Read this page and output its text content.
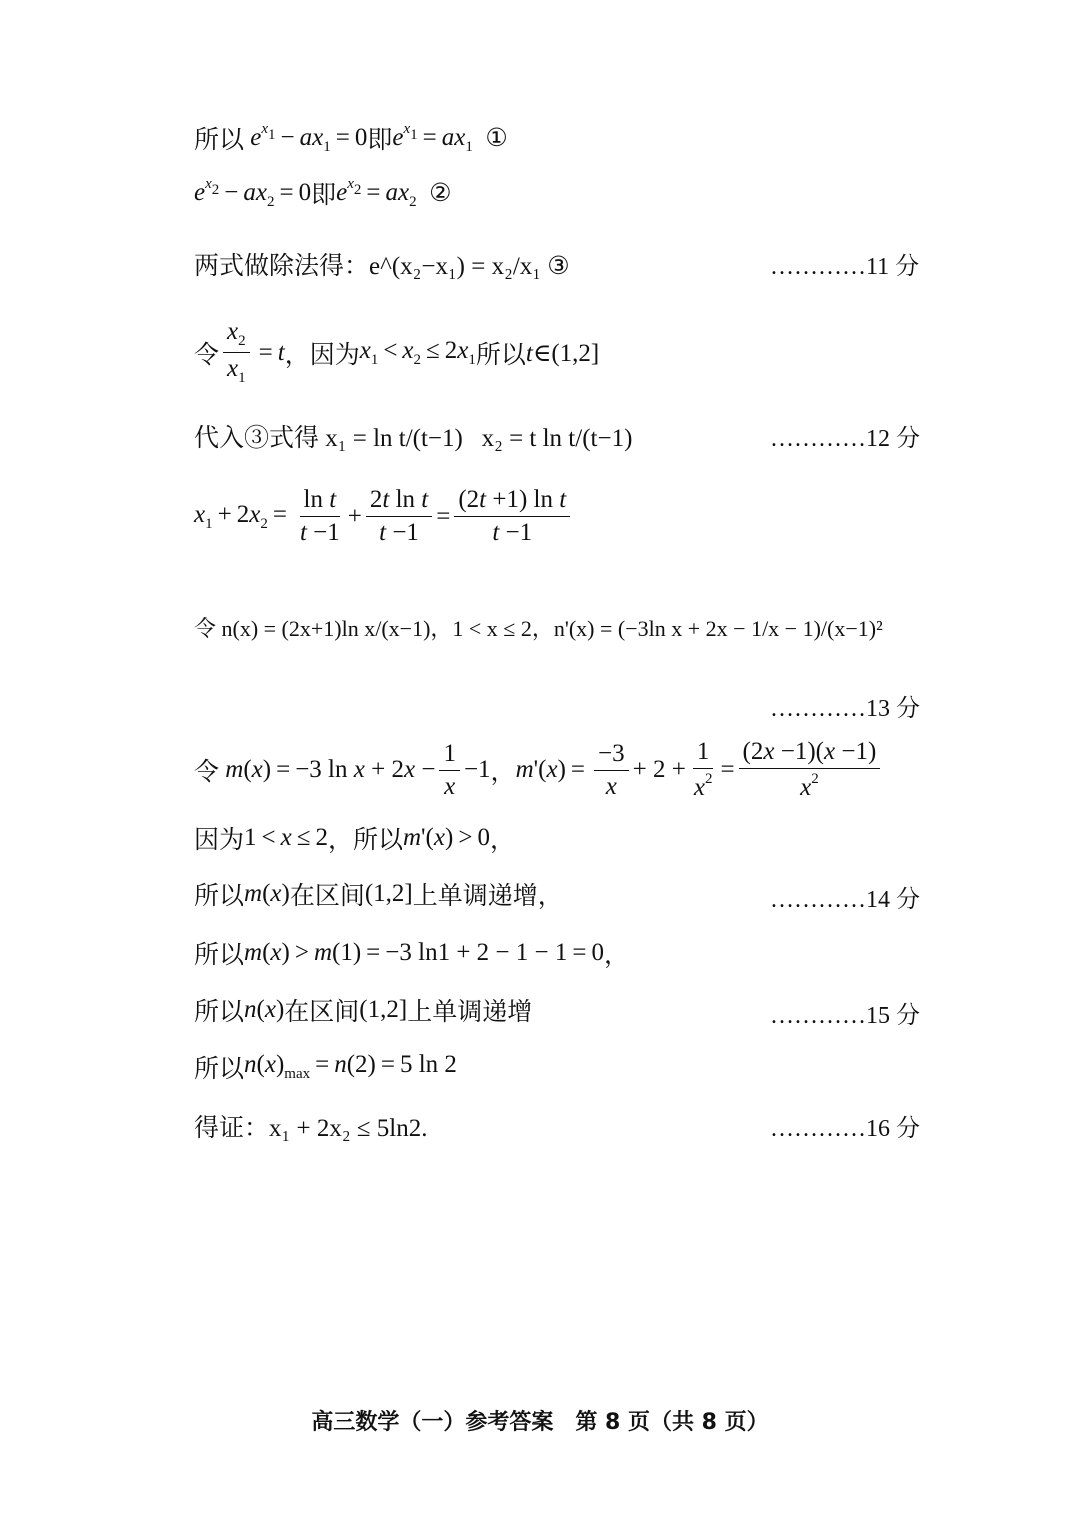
所以 $e^{x_1} - ax_1 = 0$ 即 $e^{x_1} = ax_1$ ①
$e^{x_2} - ax_2 = 0$ 即 $e^{x_2} = ax_2$ ②
两式做除法得：e^(x₂−x₁) = x₂/x₁ ③	…………11 分
令 $\frac{x_2}{x_1} = t$ ，因为 $x_1 < x_2 \le 2x_1$ 所以 t∈(1,2]
代入③式得 x₁ = ln t/(t−1)   x₂ = t ln t/(t−1)	…………12 分
$x_1 + 2x_2 = \frac{\text{ln t}}{t -1} + \frac{\text{2t ln t}}{t -1} = \frac{\text{(2t +1) ln t}}{t -1}$
令 n(x) = (2x+1)ln x/(x−1)，1 < x ≤ 2，n'(x) = (−3ln x + 2x − 1/x − 1)/(x−1)²
…………13 分
令 m(x) = −3 $\ln x + 2x - \frac{1}{x} -1$ ， $m'(x) = \frac{-3}{x} + 2 + \frac{1}{x^2} = \frac{(2x -1)(x -1)}{x^2}$
因为 1 < x ≤ 2 ，所以 m'(x) > 0 ，
所以 m(x) 在区间 (1,2] 上单调递增 ，	…………14 分
所以 m(x) > m(1) = −3 ln1 + 2 − 1 − 1 = 0 ，
所以 n(x) 在区间 (1,2] 上单调递增	…………15 分
所以 $n(x)_{max} = n(2) = 5$ ln 2
得证：x₁ + 2x₂ ≤ 5ln2.	…………16 分
高三数学（一）参考答案　第 8 页（共 8 页）
